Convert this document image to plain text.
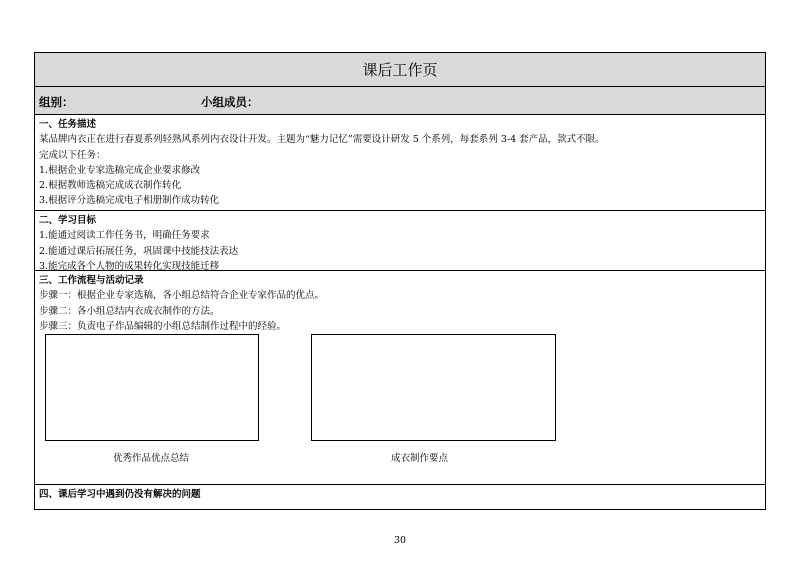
课后工作页
组别：	小组成员：
一、任务描述
某品牌内衣正在进行春夏系列轻熟风系列内衣设计开发。主题为“魅力记忆”需要设计研发 5 个系列，每套系列 3-4 套产品，款式不限。
完成以下任务：
1.根据企业专家选稿完成企业要求修改
2.根据教师选稿完成成衣制作转化
3.根据评分选稿完成电子相册制作成功转化
二、学习目标
1.能通过阅读工作任务书，明确任务要求
2.能通过课后拓展任务，巩固课中技能技法表达
3.能完成各个人物的成果转化实现技能迁移
三、工作流程与活动记录
步骤一：根据企业专家选稿，各小组总结符合企业专家作品的优点。
步骤二：各小组总结内衣成衣制作的方法。
步骤三：负责电子作品编辑的小组总结制作过程中的经验。
优秀作品优点总结	成衣制作要点
四、课后学习中遇到仍没有解决的问题
30
